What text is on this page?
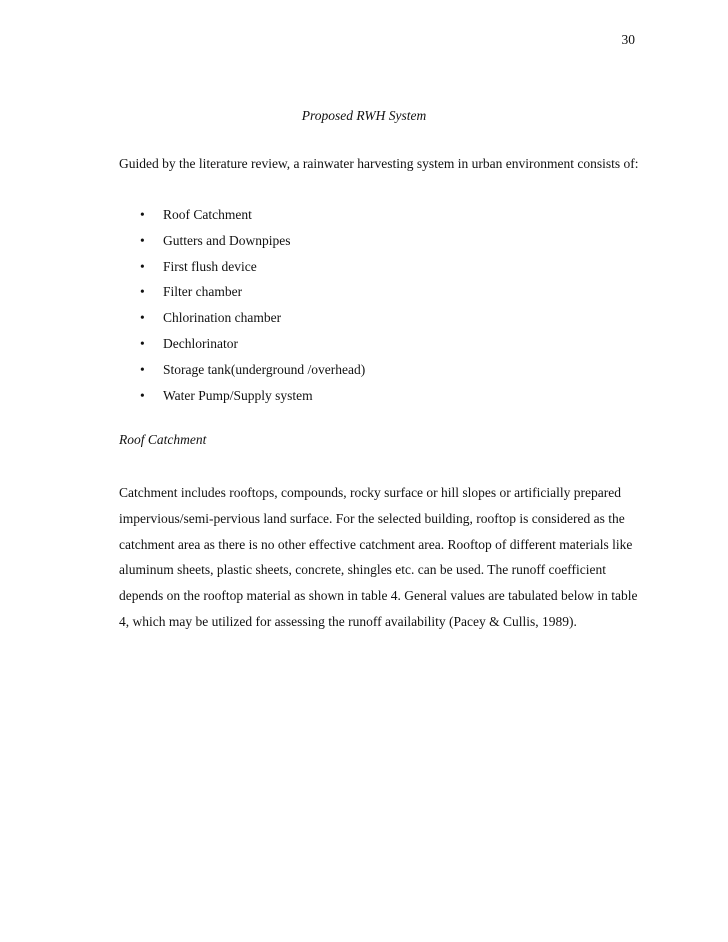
30
Proposed RWH System
Guided by the literature review, a rainwater harvesting system in urban environment consists of:
• Roof Catchment
• Gutters and Downpipes
• First flush device
• Filter chamber
• Chlorination chamber
• Dechlorinator
• Storage tank(underground /overhead)
• Water Pump/Supply system
Roof Catchment
Catchment includes rooftops, compounds, rocky surface or hill slopes or artificially prepared impervious/semi-pervious land surface. For the selected building, rooftop is considered as the catchment area as there is no other effective catchment area. Rooftop of different materials like aluminum sheets, plastic sheets, concrete, shingles etc. can be used. The runoff coefficient depends on the rooftop material as shown in table 4. General values are tabulated below in table 4, which may be utilized for assessing the runoff availability (Pacey & Cullis, 1989).
